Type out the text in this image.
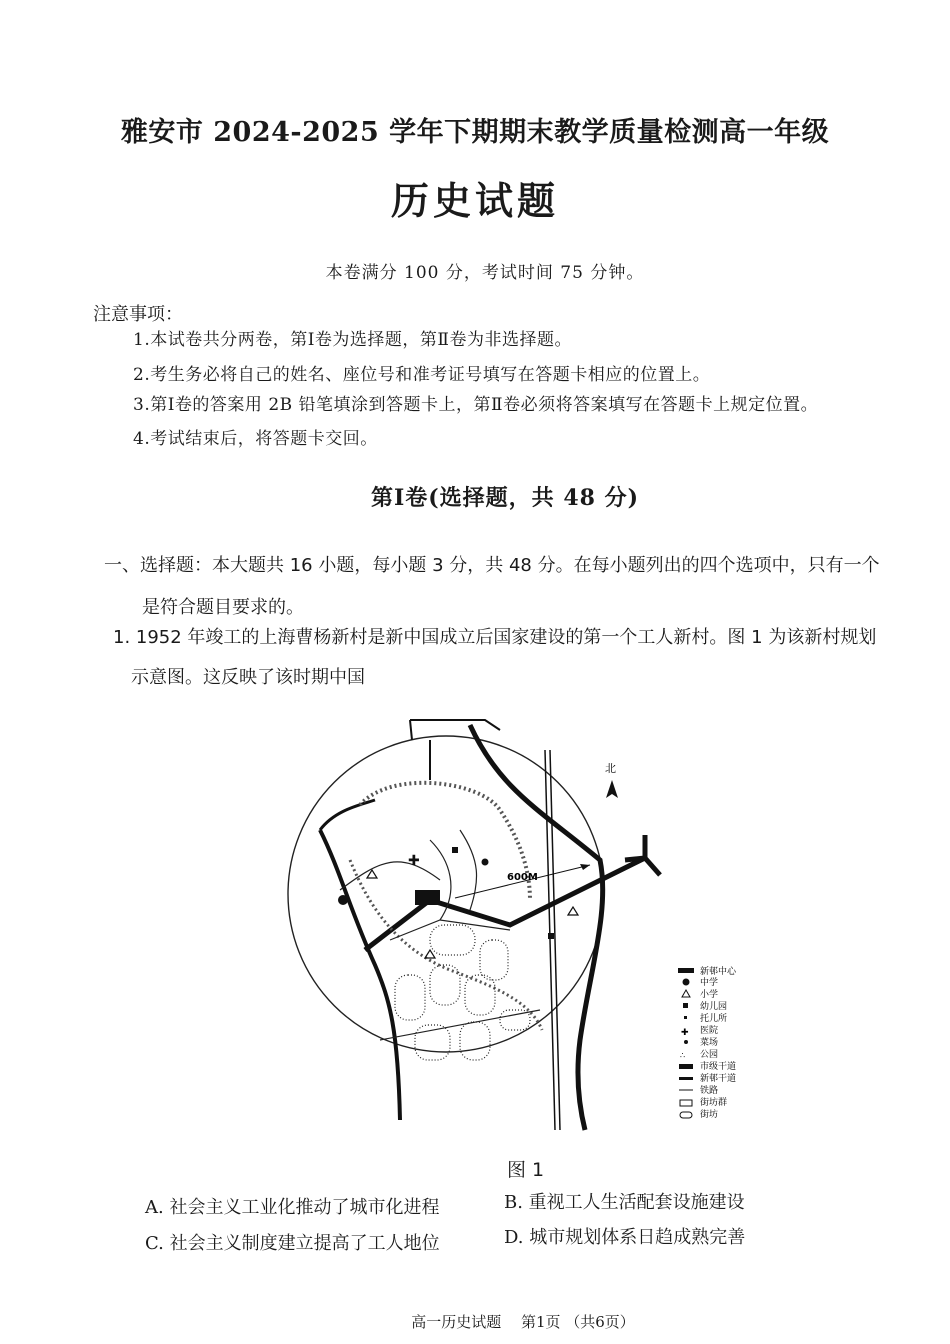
雅安市 2024-2025 学年下期期末教学质量检测高一年级
历史试题
本卷满分 100 分，考试时间 75 分钟。
注意事项：
1.本试卷共分两卷，第Ⅰ卷为选择题，第Ⅱ卷为非选择题。
2.考生务必将自己的姓名、座位号和准考证号填写在答题卡相应的位置上。
3.第Ⅰ卷的答案用 2B 铅笔填涂到答题卡上，第Ⅱ卷必须将答案填写在答题卡上规定位置。
4.考试结束后，将答题卡交回。
第Ⅰ卷(选择题，共 48 分)
一、选择题：本大题共 16 小题，每小题 3 分，共 48 分。在每小题列出的四个选项中，只有一个
是符合题目要求的。
1. 1952 年竣工的上海曹杨新村是新中国成立后国家建设的第一个工人新村。图 1 为该新村规划
示意图。这反映了该时期中国
✚
600M
北
新邨中心
中学
小学
幼儿园
托儿所
✚ 医院
菜场
∴ 公园
市级干道
新邨干道
铁路
街坊群
街坊
图 1
A. 社会主义工业化推动了城市化进程	B. 重视工人生活配套设施建设
C. 社会主义制度建立提高了工人地位	D. 城市规划体系日趋成熟完善
高一历史试题　 第1页 （共6页）
